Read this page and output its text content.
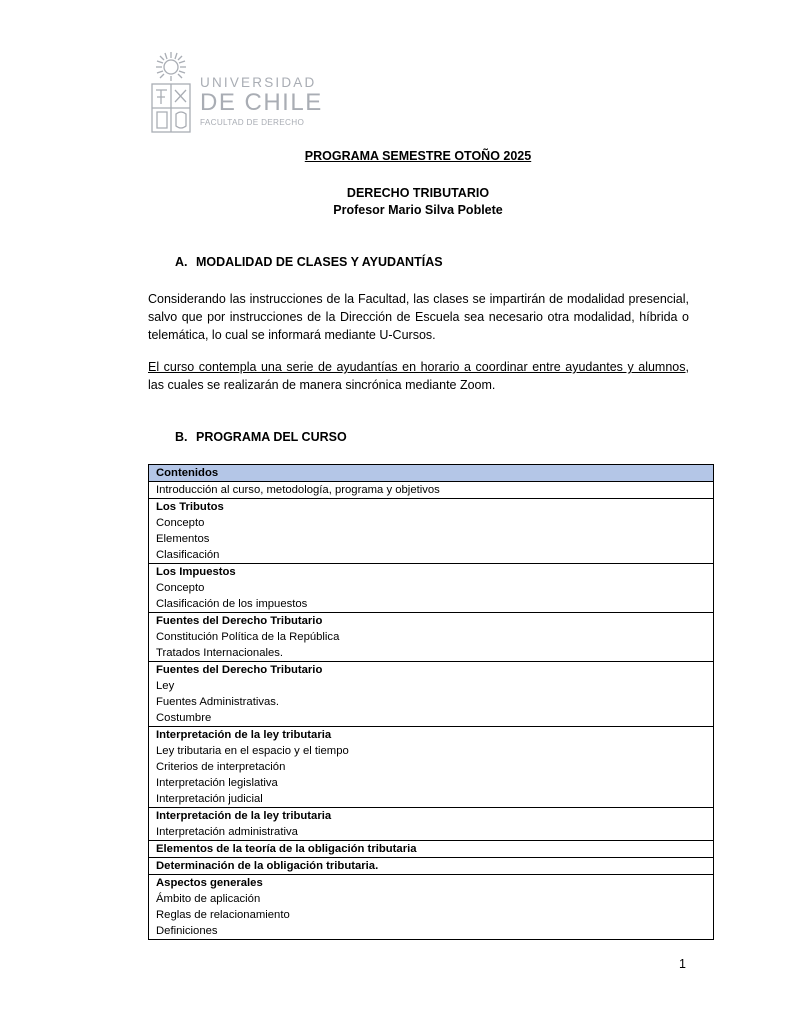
UNIVERSIDAD
DE CHILE
FACULTAD DE DERECHO
PROGRAMA SEMESTRE OTOÑO 2025
DERECHO TRIBUTARIO
Profesor Mario Silva Poblete
A. MODALIDAD DE CLASES Y AYUDANTÍAS
Considerando las instrucciones de la Facultad, las clases se impartirán de modalidad presencial, salvo que por instrucciones de la Dirección de Escuela sea necesario otra modalidad, híbrida o telemática, lo cual se informará mediante U-Cursos.
El curso contempla una serie de ayudantías en horario a coordinar entre ayudantes y alumnos, las cuales se realizarán de manera sincrónica mediante Zoom.
B. PROGRAMA DEL CURSO
Contenidos

Introducción al curso, metodología, programa y objetivos

Los Tributos
Concepto
Elementos
Clasificación

Los Impuestos
Concepto
Clasificación de los impuestos

Fuentes del Derecho Tributario
Constitución Política de la República
Tratados Internacionales.

Fuentes del Derecho Tributario
Ley
Fuentes Administrativas.
Costumbre

Interpretación de la ley tributaria
Ley tributaria en el espacio y el tiempo
Criterios de interpretación
Interpretación legislativa
Interpretación judicial

Interpretación de la ley tributaria
Interpretación administrativa

Elementos de la teoría de la obligación tributaria

Determinación de la obligación tributaria.

Aspectos generales
Ámbito de aplicación
Reglas de relacionamiento
Definiciones
1
